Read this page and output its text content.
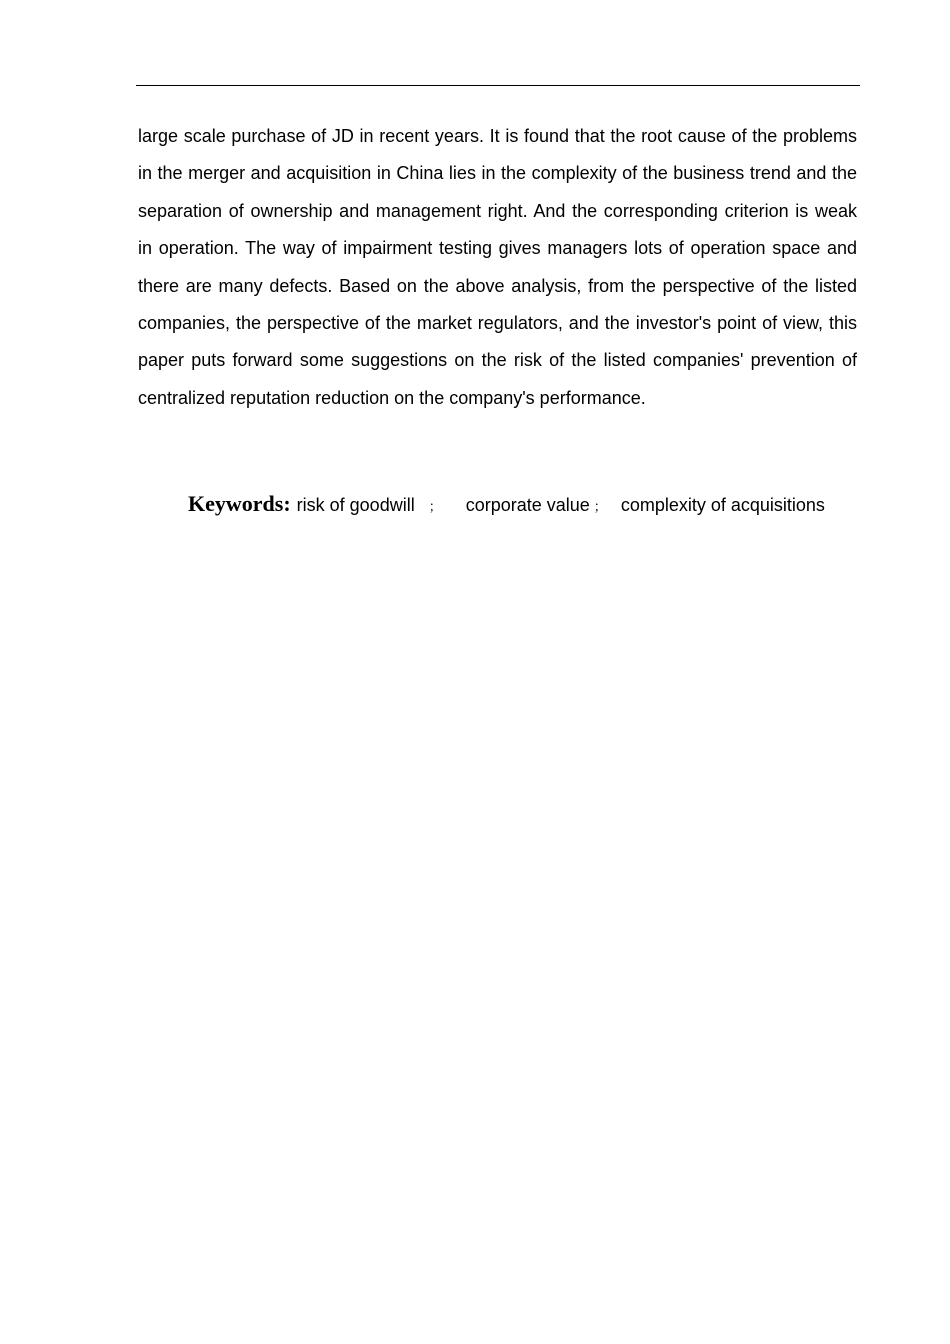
large scale purchase of JD in recent years. It is found that the root cause of the problems in the merger and acquisition in China lies in the complexity of the business trend and the separation of ownership and management right. And the corresponding criterion is weak in operation. The way of impairment testing gives managers lots of operation space and there are many defects. Based on the above analysis, from the perspective of the listed companies, the perspective of the market regulators, and the investor's point of view, this paper puts forward some suggestions on the risk of the listed companies' prevention of centralized reputation reduction on the company's performance.

Keywords: risk of goodwill ； corporate value ； complexity of acquisitions
